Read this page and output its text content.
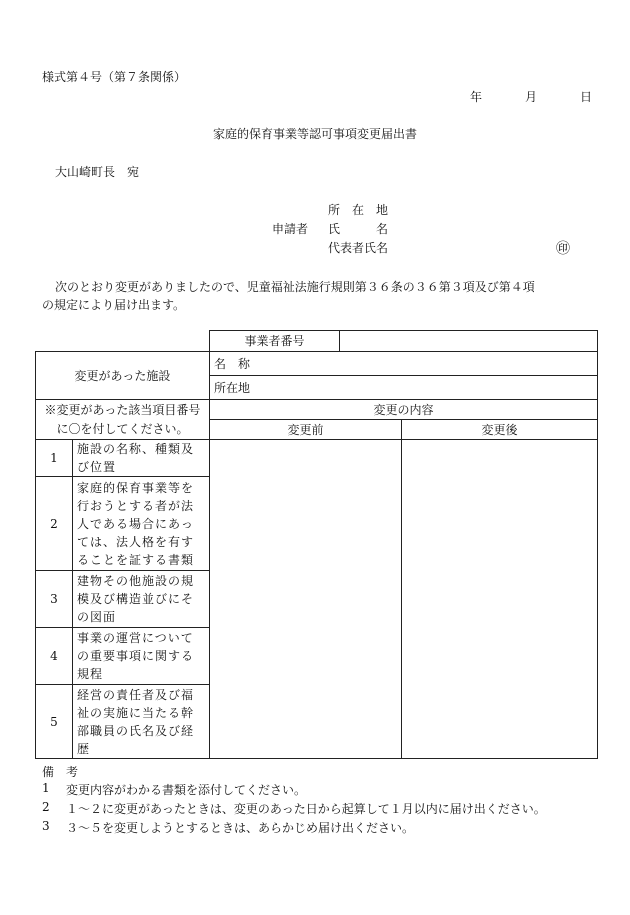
様式第４号（第７条関係）
年	月	日
家庭的保育事業等認可事項変更届出書
大山崎町長　宛
所　在　地
申請者 氏　　　名
代表者氏名	㊞
次のとおり変更がありましたので、児童福祉法施行規則第３６条の３６第３項及び第４項
の規定により届け出ます。
		事業者番号		
変更があった施設		名　称		
		所在地		
※変更があった該当項目番号		変更の内容		
に〇を付してください。		変更前		変更後
1	施設の名称、種類及び位置			
2	家庭的保育事業等を行おうとする者が法人である場合にあっては、法人格を有することを証する書類			
3	建物その他施設の規模及び構造並びにその図面			
4	事業の運営についての重要事項に関する規程			
5	経営の責任者及び福祉の実施に当たる幹部職員の氏名及び経歴			
備　考
1 変更内容がわかる書類を添付してください。
2 １～２に変更があったときは、変更のあった日から起算して１月以内に届け出ください。
3 ３～５を変更しようとするときは、あらかじめ届け出ください。
